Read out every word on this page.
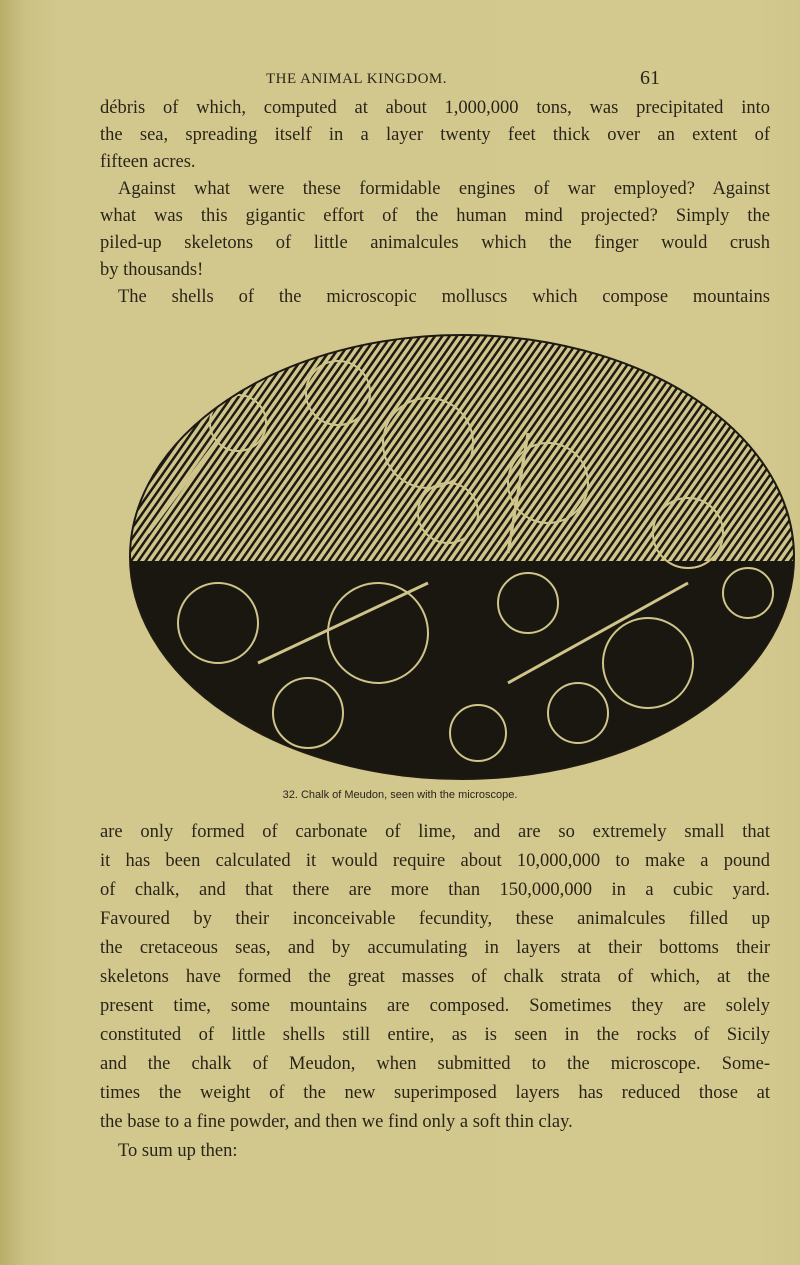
THE ANIMAL KINGDOM.	61
débris of which, computed at about 1,000,000 tons, was precipitated into
the sea, spreading itself in a layer twenty feet thick over an extent of
fifteen acres.
Against what were these formidable engines of war employed? Against
what was this gigantic effort of the human mind projected? Simply the
piled-up skeletons of little animalcules which the finger would crush
by thousands!
The shells of the microscopic molluscs which compose mountains
32. Chalk of Meudon, seen with the microscope.
are only formed of carbonate of lime, and are so extremely small that
it has been calculated it would require about 10,000,000 to make a pound
of chalk, and that there are more than 150,000,000 in a cubic yard.
Favoured by their inconceivable fecundity, these animalcules filled up
the cretaceous seas, and by accumulating in layers at their bottoms their
skeletons have formed the great masses of chalk strata of which, at the
present time, some mountains are composed. Sometimes they are solely
constituted of little shells still entire, as is seen in the rocks of Sicily
and the chalk of Meudon, when submitted to the microscope. Some-
times the weight of the new superimposed layers has reduced those at
the base to a fine powder, and then we find only a soft thin clay.
To sum up then:
